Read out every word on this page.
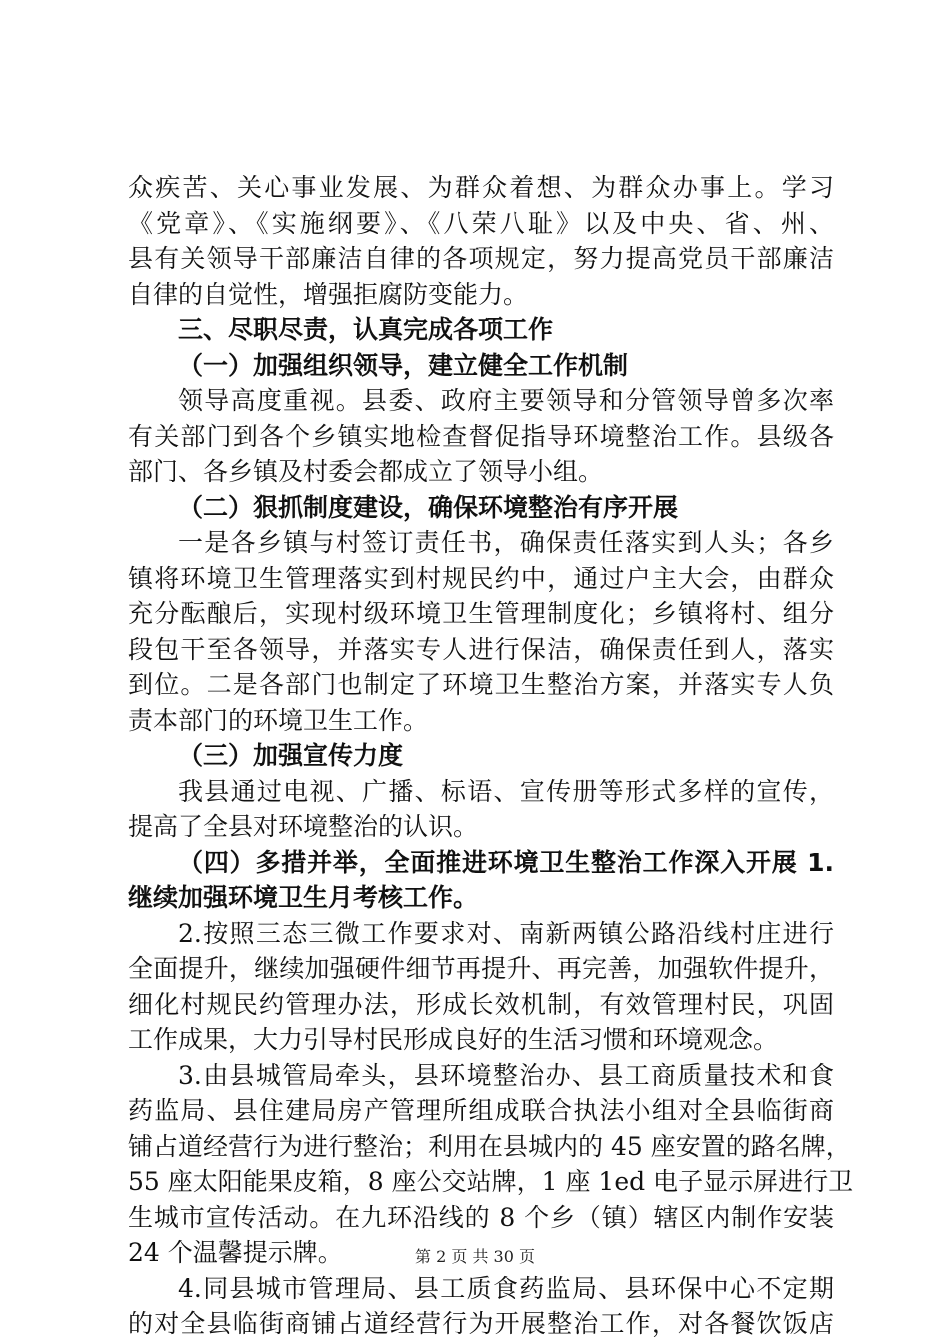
众疾苦、关心事业发展、为群众着想、为群众办事上。学习

《党章》、《实施纲要》、《八荣八耻》以及中央、省、州、

县有关领导干部廉洁自律的各项规定，努力提高党员干部廉洁

自律的自觉性，增强拒腐防变能力。

三、尽职尽责，认真完成各项工作

（一）加强组织领导，建立健全工作机制

领导高度重视。县委、政府主要领导和分管领导曾多次率

有关部门到各个乡镇实地检查督促指导环境整治工作。县级各

部门、各乡镇及村委会都成立了领导小组。

（二）狠抓制度建设，确保环境整治有序开展

一是各乡镇与村签订责任书，确保责任落实到人头；各乡

镇将环境卫生管理落实到村规民约中，通过户主大会，由群众

充分酝酿后，实现村级环境卫生管理制度化；乡镇将村、组分

段包干至各领导，并落实专人进行保洁，确保责任到人，落实

到位。二是各部门也制定了环境卫生整治方案，并落实专人负

责本部门的环境卫生工作。

（三）加强宣传力度

我县通过电视、广播、标语、宣传册等形式多样的宣传，

提高了全县对环境整治的认识。

（四）多措并举，全面推进环境卫生整治工作深入开展 1.

继续加强环境卫生月考核工作。

2.按照三态三微工作要求对、南新两镇公路沿线村庄进行

全面提升，继续加强硬件细节再提升、再完善，加强软件提升，

细化村规民约管理办法，形成长效机制，有效管理村民，巩固

工作成果，大力引导村民形成良好的生活习惯和环境观念。

3.由县城管局牵头，县环境整治办、县工商质量技术和食

药监局、县住建局房产管理所组成联合执法小组对全县临街商

铺占道经营行为进行整治；利用在县城内的 45 座安置的路名牌，

55 座太阳能果皮箱，8 座公交站牌，1 座 1ed 电子显示屏进行卫

生城市宣传活动。在九环沿线的 8 个乡（镇）辖区内制作安装

24 个温馨提示牌。

4.同县城市管理局、县工质食药监局、县环保中心不定期

的对全县临街商铺占道经营行为开展整治工作，对各餐饮饭店

第 2 页 共 30 页
